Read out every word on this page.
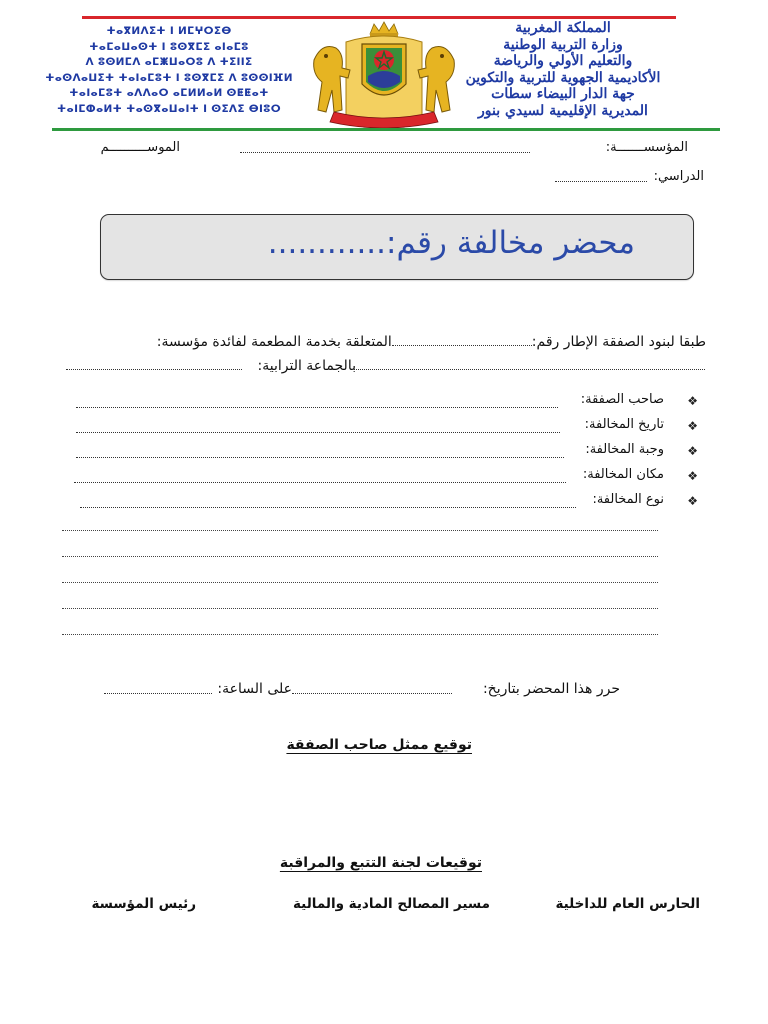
ⵜⴰⴳⵍⴷⵉⵜ ⵏ ⵍⵎⵖⵔⵉⴱ
ⵜⴰⵎⴰⵡⴰⵙⵜ ⵏ ⵓⵙⴳⵎⵉ ⴰⵏⴰⵎⵓ
ⴷ ⵓⵙⵍⵎⴷ ⴰⵎⵥⵡⴰⵔⵓ ⴷ ⵜⵉⵏⵏⵉ
ⵜⴰⵙⴷⴰⵡⵉⵜ ⵜⴰⵏⴰⵎⵓⵜ ⵏ ⵓⵙⴳⵎⵉ ⴷ ⵓⵙⵙⵏⴼⵍ
ⵜⴰⵏⴰⵎⵓⵜ ⴰⴷⴷⴰⵔ ⴰⵎⵍⵍⴰⵍ ⵙⵟⵟⴰⵜ
ⵜⴰⵏⵎⵀⴰⵍⵜ ⵜⴰⵙⴳⴰⵡⴰⵏⵜ ⵏ ⵙⵉⴷⵉ ⴱⵏⵓⵔ
المملكة المغربية
وزارة التربية الوطنية
والتعليم الأولي والرياضة
الأكاديمية الجهوية للتربية والتكوين
جهة الدار البيضاء سطات
المديرية الإقليمية لسيدي بنور
المؤسســـــــة:
الموســــــــــم
الدراسي:
محضر مخالفة رقم:............
طبقا لبنود الصفقة الإطار رقم:المتعلقة بخدمة المطعمة لفائدة مؤسسة:
بالجماعة الترابية:
❖
صاحب الصفقة:
❖
تاريخ المخالفة:
❖
وجبة المخالفة:
❖
مكان المخالفة:
❖
نوع المخالفة:
حرر هذا المحضر بتاريخ:
على الساعة:
توقيع ممثل صاحب الصفقة
توقيعات لجنة التتبع والمراقبة
الحارس العام للداخلية
مسير المصالح المادية والمالية
رئيس المؤسسة
